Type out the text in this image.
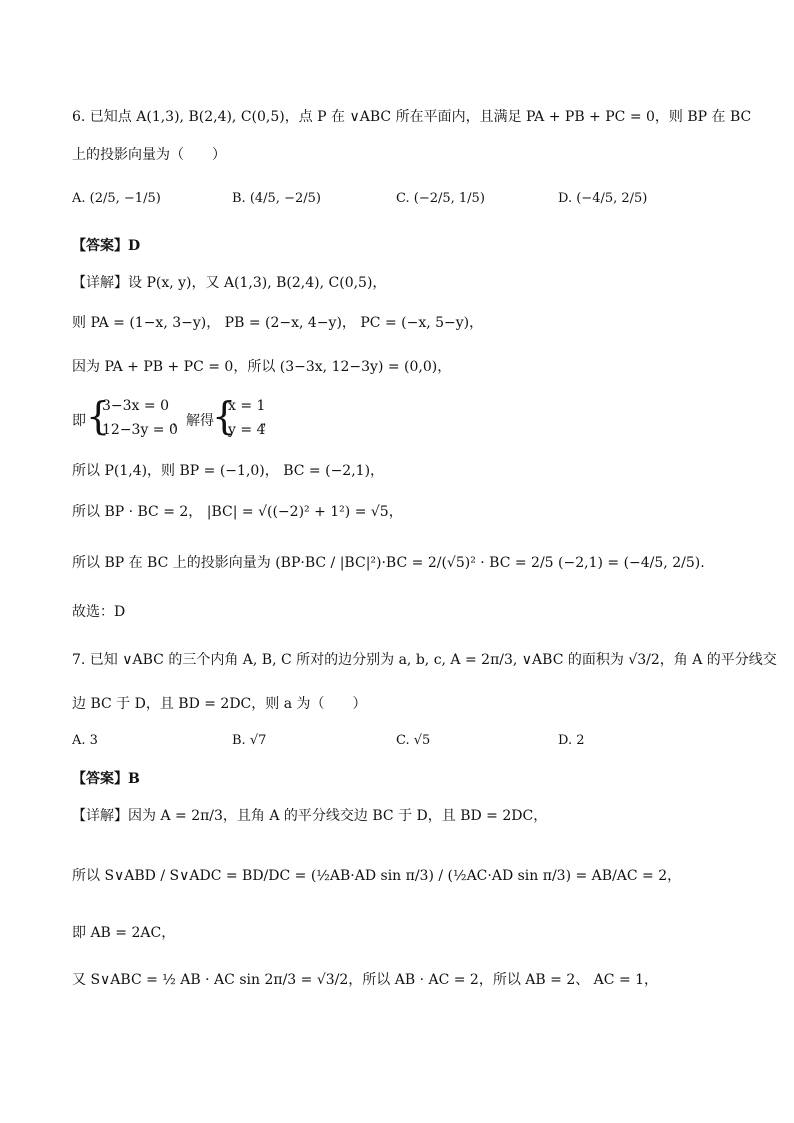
6. 已知点 A(1,3), B(2,4), C(0,5)，点 P 在 ∨ABC 所在平面内，且满足 PA + PB + PC = 0，则 BP 在 BC
上的投影向量为（　　）
A. (2/5, −1/5)	B. (4/5, −2/5)	C. (−2/5, 1/5)	D. (−4/5, 2/5)
【答案】D
【详解】设 P(x, y)，又 A(1,3), B(2,4), C(0,5)，
则 PA = (1−x, 3−y)， PB = (2−x, 4−y)， PC = (−x, 5−y)，
因为 PA + PB + PC = 0，所以 (3−3x, 12−3y) = (0,0)，
即 {
3−3x = 0
12−3y = 0
，解得
{
x = 1
y = 4
，
所以 P(1,4)，则 BP = (−1,0)， BC = (−2,1)，
所以 BP · BC = 2， |BC| = √((−2)² + 1²) = √5，
所以 BP 在 BC 上的投影向量为 (BP·BC / |BC|²)·BC = 2/(√5)² · BC = 2/5 (−2,1) = (−4/5, 2/5).
故选：D
7. 已知 ∨ABC 的三个内角 A, B, C 所对的边分别为 a, b, c, A = 2π/3, ∨ABC 的面积为 √3/2，角 A 的平分线交
边 BC 于 D，且 BD = 2DC，则 a 为（　　）
A. 3	B. √7	C. √5	D. 2
【答案】B
【详解】因为 A = 2π/3，且角 A 的平分线交边 BC 于 D，且 BD = 2DC，
所以 S∨ABD / S∨ADC = BD/DC = (½AB·AD sin π/3) / (½AC·AD sin π/3) = AB/AC = 2，
即 AB = 2AC，
又 S∨ABC = ½ AB · AC sin 2π/3 = √3/2，所以 AB · AC = 2，所以 AB = 2、 AC = 1，
